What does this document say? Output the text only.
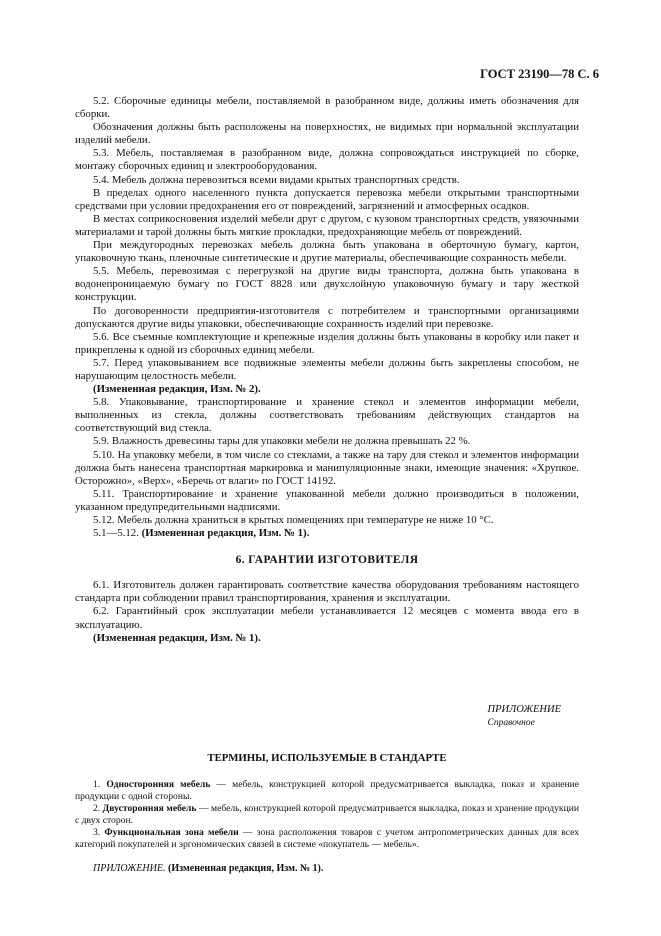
ГОСТ 23190—78 С. 6

5.2. Сборочные единицы мебели, поставляемой в разобранном виде, должны иметь обозначения для сборки.

Обозначения должны быть расположены на поверхностях, не видимых при нормальной эксплуатации изделий мебели.

5.3. Мебель, поставляемая в разобранном виде, должна сопровождаться инструкцией по сборке, монтажу сборочных единиц и электрооборудования.

5.4. Мебель должна перевозиться всеми видами крытых транспортных средств.

В пределах одного населенного пункта допускается перевозка мебели открытыми транспортными средствами при условии предохранения его от повреждений, загрязнений и атмосферных осадков.

В местах соприкосновения изделий мебели друг с другом, с кузовом транспортных средств, увязочными материалами и тарой должны быть мягкие прокладки, предохраняющие мебель от повреждений.

При междугородных перевозках мебель должна быть упакована в оберточную бумагу, картон, упаковочную ткань, пленочные синтетические и другие материалы, обеспечивающие сохранность мебели.

5.5. Мебель, перевозимая с перегрузкой на другие виды транспорта, должна быть упакована в водонепроницаемую бумагу по ГОСТ 8828 или двухслойную упаковочную бумагу и тару жесткой конструкции.

По договоренности предприятия-изготовителя с потребителем и транспортными организациями допускаются другие виды упаковки, обеспечивающие сохранность изделий при перевозке.

5.6. Все съемные комплектующие и крепежные изделия должны быть упакованы в коробку или пакет и прикреплены к одной из сборочных единиц мебели.

5.7. Перед упаковыванием все подвижные элементы мебели должны быть закреплены способом, не нарушающим целостность мебели.

(Измененная редакция, Изм. № 2).

5.8. Упаковывание, транспортирование и хранение стекол и элементов информации мебели, выполненных из стекла, должны соответствовать требованиям действующих стандартов на соответствующий вид стекла.

5.9. Влажность древесины тары для упаковки мебели не должна превышать 22 %.

5.10. На упаковку мебели, в том числе со стеклами, а также на тару для стекол и элементов информации должна быть нанесена транспортная маркировка и манипуляционные знаки, имеющие значения: «Хрупкое. Осторожно», «Верх», «Беречь от влаги» по ГОСТ 14192.

5.11. Транспортирование и хранение упакованной мебели должно производиться в положении, указанном предупредительными надписями.

5.12. Мебель должна храниться в крытых помещениях при температуре не ниже 10 °С.

5.1—5.12. (Измененная редакция, Изм. № 1).

6. ГАРАНТИИ ИЗГОТОВИТЕЛЯ

6.1. Изготовитель должен гарантировать соответствие качества оборудования требованиям настоящего стандарта при соблюдении правил транспортирования, хранения и эксплуатации.

6.2. Гарантийный срок эксплуатации мебели устанавливается 12 месяцев с момента ввода его в эксплуатацию.

(Измененная редакция, Изм. № 1).

ПРИЛОЖЕНИЕ
Справочное
ТЕРМИНЫ, ИСПОЛЬЗУЕМЫЕ В СТАНДАРТЕ

1. Односторонняя мебель — мебель, конструкцией которой предусматривается выкладка, показ и хранение продукции с одной стороны.

2. Двусторонняя мебель — мебель, конструкцией которой предусматривается выкладка, показ и хранение продукции с двух сторон.

3. Функциональная зона мебели — зона расположения товаров с учетом антропометрических данных для всех категорий покупателей и эргономических связей в системе «покупатель — мебель».

ПРИЛОЖЕНИЕ. (Измененная редакция, Изм. № 1).
